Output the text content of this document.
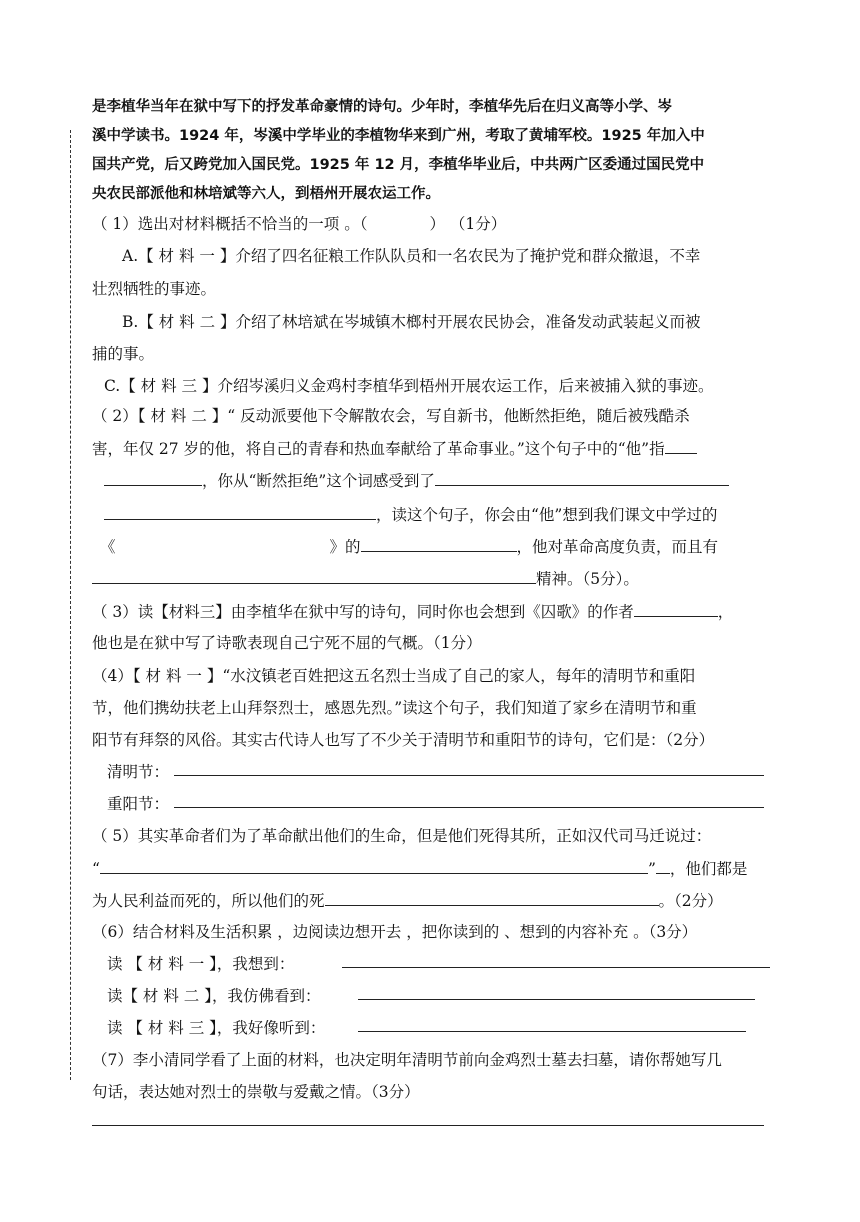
是李植华当年在狱中写下的抒发革命豪情的诗句。少年时，李植华先后在归义高等小学、岑
溪中学读书。1924 年，岑溪中学毕业的李植物华来到广州，考取了黄埔军校。1925 年加入中
国共产党，后又跨党加入国民党。1925 年 12 月，李植华毕业后，中共两广区委通过国民党中
央农民部派他和林培斌等六人，到梧州开展农运工作。
（ 1）选出对材料概括不恰当的一项 。（	） （1分）
A.【 材 料 一 】介绍了四名征粮工作队队员和一名农民为了掩护党和群众撤退，不幸
壮烈牺牲的事迹。
B.【 材 料 二 】介绍了林培斌在岑城镇木榔村开展农民协会，准备发动武装起义而被
捕的事。
C.【 材 料 三 】介绍岑溪归义金鸡村李植华到梧州开展农运工作，后来被捕入狱的事迹。
（ 2）【 材 料 二 】“ 反动派要他下令解散农会，写自新书，他断然拒绝，随后被残酷杀
害，年仅 27 岁的他，将自己的青春和热血奉献给了革命事业。”这个句子中的“他”指
，你从“断然拒绝”这个词感受到了
，读这个句子，你会由“他”想到我们课文中学过的
《	》的	，他对革命高度负责，而且有
精神。（5分）。
（ 3）读【材料三】由李植华在狱中写的诗句，同时你也会想到《囚歌》的作者	，
他也是在狱中写了诗歌表现自己宁死不屈的气概。（1分）
（4）【 材 料 一 】“水汶镇老百姓把这五名烈士当成了自己的家人，每年的清明节和重阳
节，他们携幼扶老上山拜祭烈士，感恩先烈。”读这个句子，我们知道了家乡在清明节和重
阳节有拜祭的风俗。其实古代诗人也写了不少关于清明节和重阳节的诗句，它们是：（2分）
清明节：
重阳节：
（ 5）其实革命者们为了革命献出他们的生命，但是他们死得其所，正如汉代司马迁说过：
“	” ，他们都是
为人民利益而死的，所以他们的死	。（2分）
（6）结合材料及生活积累 ，边阅读边想开去 ，把你读到的 、想到的内容补充 。（3分）
读 【 材 料 一 】，我想到：
读【 材 料 二 】，我仿佛看到：
读 【 材 料 三 】，我好像听到：
（7）李小清同学看了上面的材料，也决定明年清明节前向金鸡烈士墓去扫墓，请你帮她写几
句话，表达她对烈士的崇敬与爱戴之情。（3分）
